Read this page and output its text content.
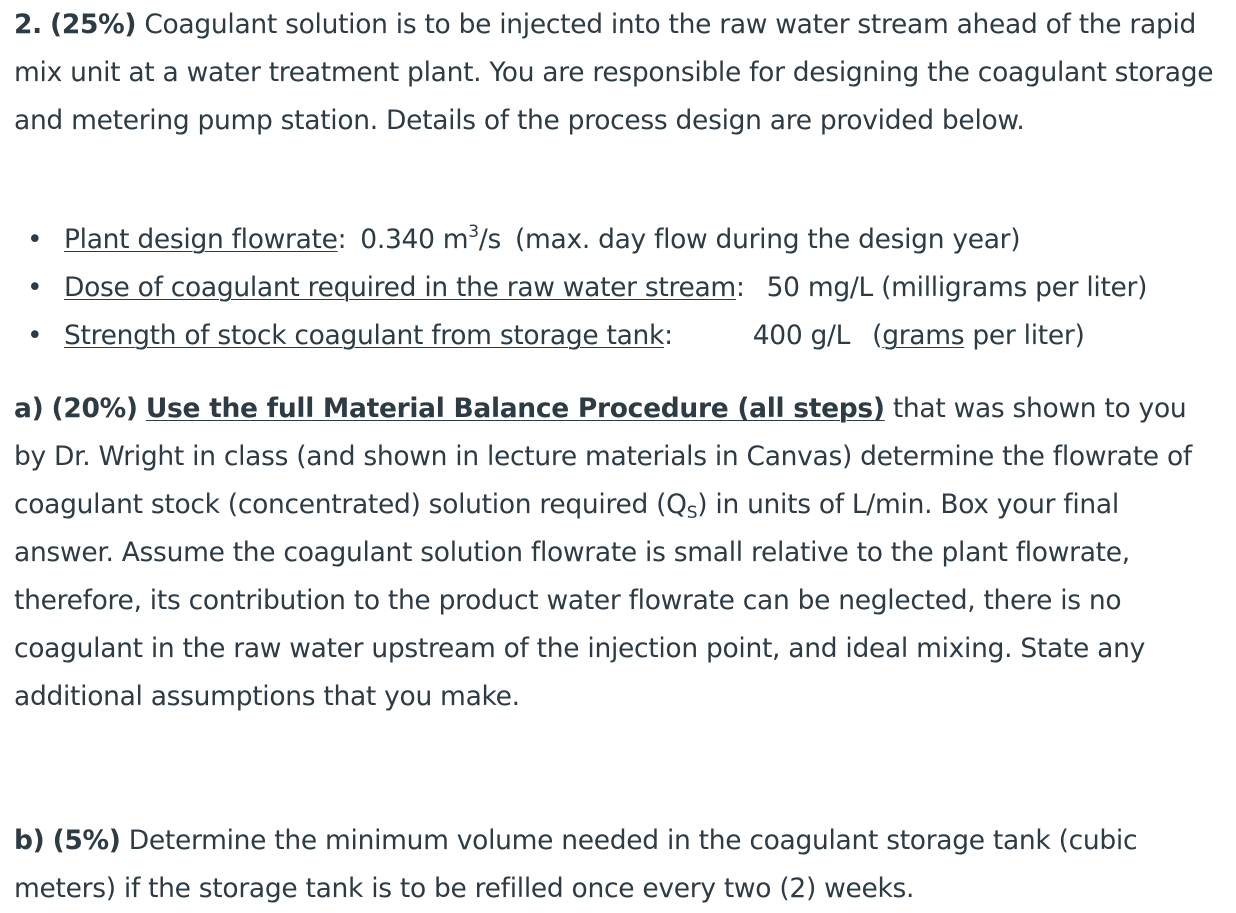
2. (25%) Coagulant solution is to be injected into the raw water stream ahead of the rapid mix unit at a water treatment plant. You are responsible for designing the coagulant storage and metering pump station. Details of the process design are provided below.

• Plant design flowrate: 0.340 $m^3/s$ (max. day flow during the design year)
• Dose of coagulant required in the raw water stream: 50 mg/L (milligrams per liter)
• Strength of stock coagulant from storage tank:	400 g/L (grams per liter)

a) (20%) Use the full Material Balance Procedure (all steps) that was shown to you by Dr. Wright in class (and shown in lecture materials in Canvas) determine the flowrate of coagulant stock (concentrated) solution required $(Q_S)$ in units of L/min. Box your final answer. Assume the coagulant solution flowrate is small relative to the plant flowrate, therefore, its contribution to the product water flowrate can be neglected, there is no coagulant in the raw water upstream of the injection point, and ideal mixing. State any additional assumptions that you make.

b) (5%) Determine the minimum volume needed in the coagulant storage tank (cubic meters) if the storage tank is to be refilled once every two (2) weeks.
